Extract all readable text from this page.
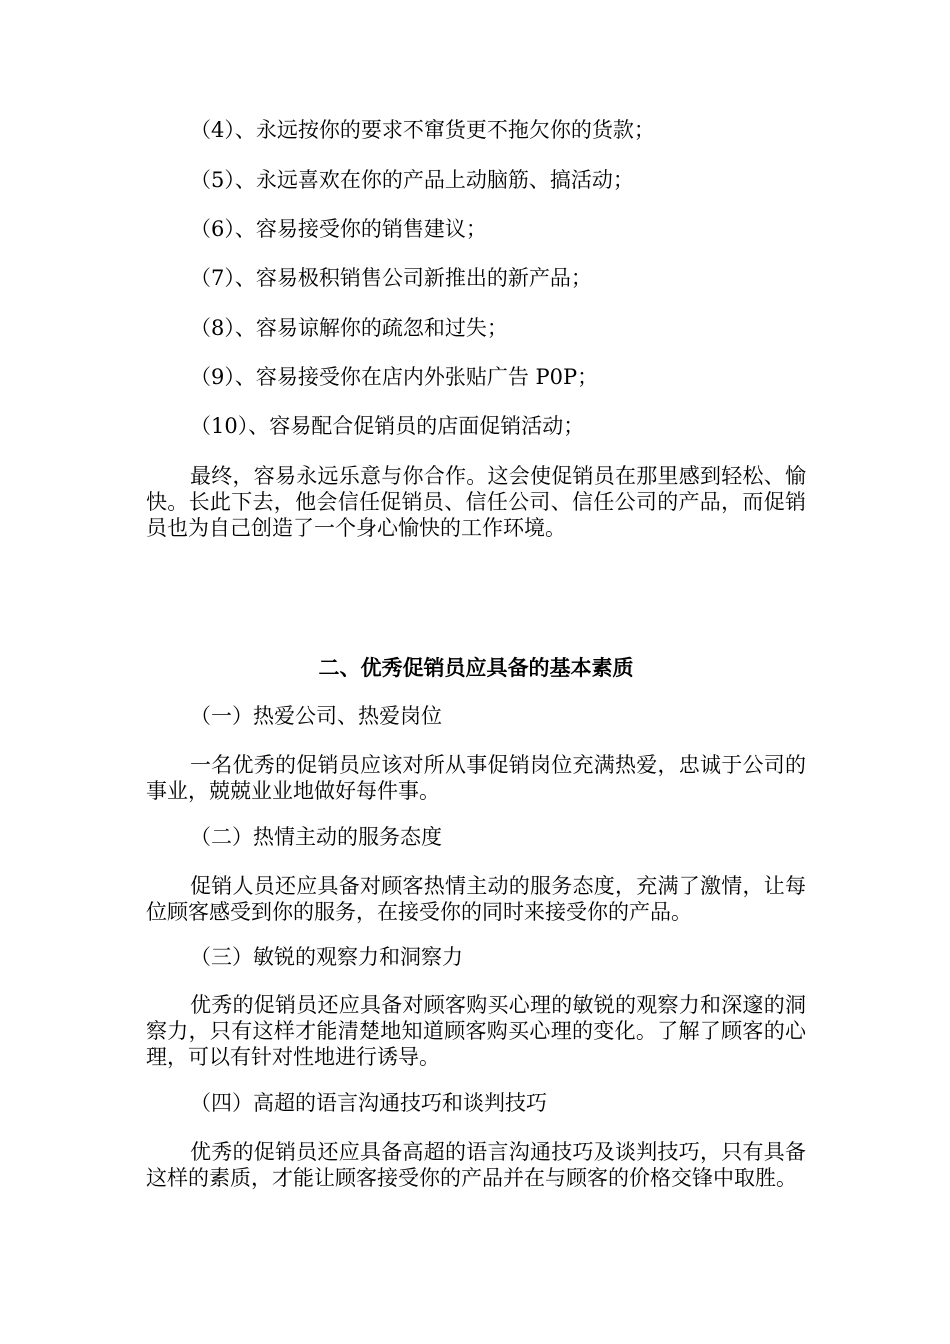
（4）、永远按你的要求不窜货更不拖欠你的货款；
（5）、永远喜欢在你的产品上动脑筋、搞活动；
（6）、容易接受你的销售建议；
（7）、容易极积销售公司新推出的新产品；
（8）、容易谅解你的疏忽和过失；
（9）、容易接受你在店内外张贴广告 P0P；
（10）、容易配合促销员的店面促销活动；
最终，容易永远乐意与你合作。这会使促销员在那里感到轻松、愉快。长此下去，他会信任促销员、信任公司、信任公司的产品，而促销员也为自己创造了一个身心愉快的工作环境。
二、优秀促销员应具备的基本素质
（一）热爱公司、热爱岗位
一名优秀的促销员应该对所从事促销岗位充满热爱，忠诚于公司的事业，兢兢业业地做好每件事。
（二）热情主动的服务态度
促销人员还应具备对顾客热情主动的服务态度，充满了激情，让每位顾客感受到你的服务，在接受你的同时来接受你的产品。
（三）敏锐的观察力和洞察力
优秀的促销员还应具备对顾客购买心理的敏锐的观察力和深邃的洞察力，只有这样才能清楚地知道顾客购买心理的变化。了解了顾客的心理，可以有针对性地进行诱导。
（四）高超的语言沟通技巧和谈判技巧
优秀的促销员还应具备高超的语言沟通技巧及谈判技巧，只有具备这样的素质，才能让顾客接受你的产品并在与顾客的价格交锋中取胜。
